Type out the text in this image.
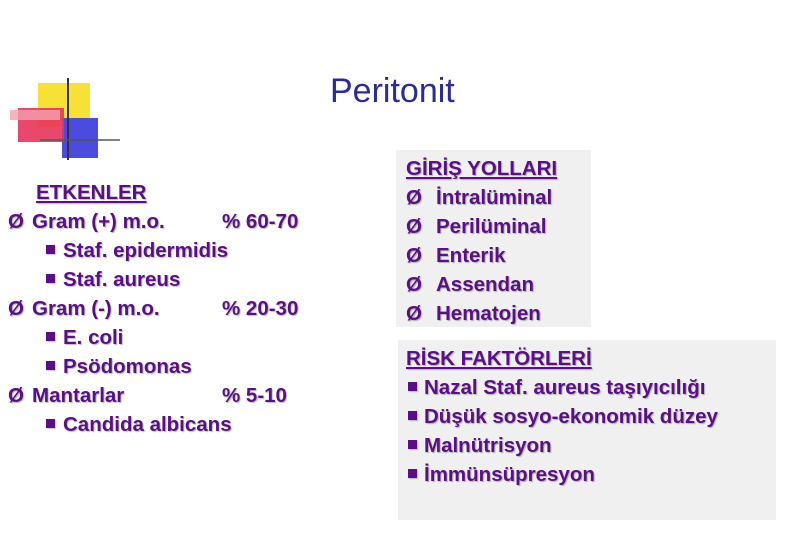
Peritonit
ETKENLER
Ø Gram (+) m.o.	% 60-70
Staf. epidermidis
Staf. aureus
Ø Gram (-) m.o.	% 20-30
E. coli
Psödomonas
Ø Mantarlar	% 5-10
Candida albicans
GİRİŞ YOLLARI
Ø İntralüminal
Ø Perilüminal
Ø Enterik
Ø Assendan
Ø Hematojen
RİSK FAKTÖRLERİ
Nazal Staf. aureus taşıyıcılığı
Düşük sosyo-ekonomik düzey
Malnütrisyon
İmmünsüpresyon
